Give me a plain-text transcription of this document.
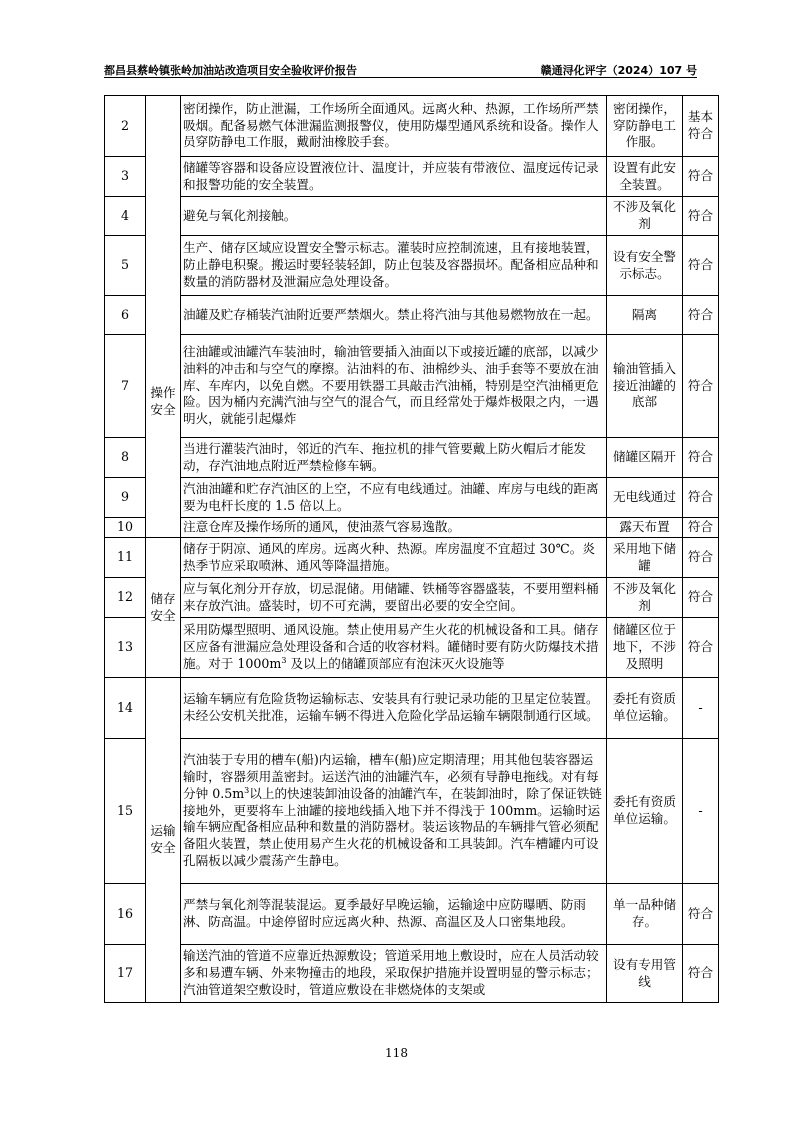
都昌县蔡岭镇张岭加油站改造项目安全验收评价报告	赣通浔化评字（2024）107 号
2	操作安全	密闭操作，防止泄漏，工作场所全面通风。远离火种、热源，工作场所严禁吸烟。配备易燃气体泄漏监测报警仪，使用防爆型通风系统和设备。操作人员穿防静电工作服，戴耐油橡胶手套。	密闭操作，穿防静电工作服。	基本符合
3		储罐等容器和设备应设置液位计、温度计，并应装有带液位、温度远传记录和报警功能的安全装置。	设置有此安全装置。	符合
4		避免与氧化剂接触。	不涉及氧化剂	符合
5		生产、储存区域应设置安全警示标志。灌装时应控制流速，且有接地装置，防止静电积聚。搬运时要轻装轻卸，防止包装及容器损坏。配备相应品种和数量的消防器材及泄漏应急处理设备。	设有安全警示标志。	符合
6		油罐及贮存桶装汽油附近要严禁烟火。禁止将汽油与其他易燃物放在一起。	隔离	符合
7		往油罐或油罐汽车装油时，输油管要插入油面以下或接近罐的底部，以减少油料的冲击和与空气的摩擦。沾油料的布、油棉纱头、油手套等不要放在油库、车库内，以免自燃。不要用铁器工具敲击汽油桶，特别是空汽油桶更危险。因为桶内充满汽油与空气的混合气，而且经常处于爆炸极限之内，一遇明火，就能引起爆炸	输油管插入接近油罐的底部	符合
8		当进行灌装汽油时，邻近的汽车、拖拉机的排气管要戴上防火帽后才能发动，存汽油地点附近严禁检修车辆。	储罐区隔开	符合
9		汽油油罐和贮存汽油区的上空，不应有电线通过。油罐、库房与电线的距离要为电杆长度的 1.5 倍以上。	无电线通过	符合
10		注意仓库及操作场所的通风，使油蒸气容易逸散。	露天布置	符合
11	储存安全	储存于阴凉、通风的库房。远离火种、热源。库房温度不宜超过 30℃。炎热季节应采取喷淋、通风等降温措施。	采用地下储罐	符合
12		应与氧化剂分开存放，切忌混储。用储罐、铁桶等容器盛装，不要用塑料桶来存放汽油。盛装时，切不可充满，要留出必要的安全空间。	不涉及氧化剂	符合
13		采用防爆型照明、通风设施。禁止使用易产生火花的机械设备和工具。储存区应备有泄漏应急处理设备和合适的收容材料。罐储时要有防火防爆技术措施。对于 $1000m^3$ 及以上的储罐顶部应有泡沫灭火设施等	储罐区位于地下，不涉及照明	符合
14	运输安全	运输车辆应有危险货物运输标志、安装具有行驶记录功能的卫星定位装置。未经公安机关批准，运输车辆不得进入危险化学品运输车辆限制通行区域。	委托有资质单位运输。	-
15		汽油装于专用的槽车(船)内运输，槽车(船)应定期清理；用其他包装容器运输时，容器须用盖密封。运送汽油的油罐汽车，必须有导静电拖线。对有每分钟 $0.5m^3$以上的快速装卸油设备的油罐汽车，在装卸油时，除了保证铁链接地外，更要将车上油罐的接地线插入地下并不得浅于 100mm。运输时运输车辆应配备相应品种和数量的消防器材。装运该物品的车辆排气管必须配备阻火装置，禁止使用易产生火花的机械设备和工具装卸。汽车槽罐内可设孔隔板以减少震荡产生静电。	委托有资质单位运输。	-
16		严禁与氧化剂等混装混运。夏季最好早晚运输，运输途中应防曝晒、防雨淋、防高温。中途停留时应远离火种、热源、高温区及人口密集地段。	单一品种储存。	符合
17		输送汽油的管道不应靠近热源敷设；管道采用地上敷设时，应在人员活动较多和易遭车辆、外来物撞击的地段，采取保护措施并设置明显的警示标志；汽油管道架空敷设时，管道应敷设在非燃烧体的支架或	设有专用管线	符合
118
